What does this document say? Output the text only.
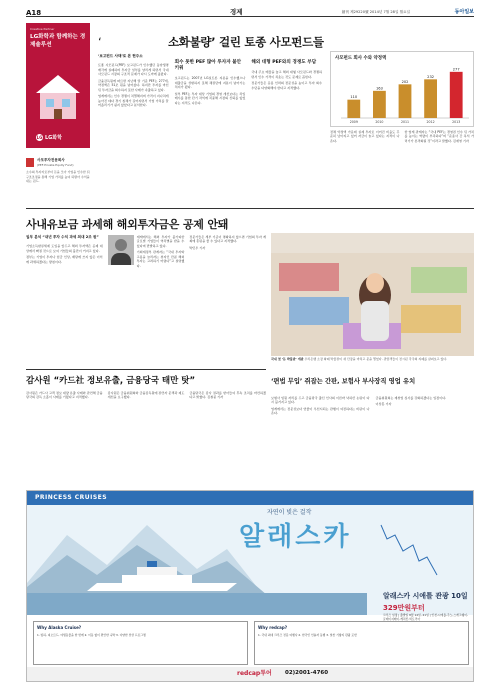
A18	경제	創刊 제29220號 2014년 7월 28일 월요일	동아일보
Creative Partner
LG화학과 함께하는 경제솔루션
LG LG화학
사모투자전문회사
(PEF·Private Equity Fund)
소수의 투자자로부터 돈을 모아 기업을 인수한 뒤 구조조정을 통해 기업 가치를 높여 되팔아 수익을 내는 펀드.
‘	소화불량’ 걸린 토종 사모펀드들

‘보고펀드 사태’로 본 현주소

토종 사모펀드(PEF) 보고펀드가 인수했던 동양생명 매각에 실패하며 투자금 일부를 날리게 되면서 국내 사모펀드 시장의 구조적 문제가 다시 도마에 올랐다.

금융감독원에 따르면 지난해 말 기준 PEF는 277개, 약정액은 51조 원을 넘어섰다. 하지만 투자를 마친 뒤 투자금을 회수하지 못한 사례가 속출하고 있다.

업계에서는 인수 경쟁이 치열해지며 가격이 지나치게 높아진 데다 경기 침체가 길어지면서 기업 가치를 끌어올리기가 쉽지 않았다고 분석한다.

회수 못한 PEF 많아 투자자 불안 키워

보고펀드는 2007년 LG실트론 지분을 인수했으나 대출금을 상환하지 못해 채권단에 지분이 넘어가는 처지가 됐다.

일부 PEF는 투자 대상 기업의 경영 개선보다는 차입 매수를 통한 단기 차익에 치중해 시장의 신뢰를 잃었다는 지적도 나온다.

해외 대형 PEF와의 경쟁도 부담

국내 주요 매물을 놓고 해외 대형 사모펀드와 경쟁하면서 인수 가격이 치솟는 것도 문제로 꼽힌다.

전문가들은 운용 인력의 전문성을 높이고 투자 회수 수단을 다양화해야 한다고 지적했다.

사모펀드 회사 수와 약정액
110
2009
163
2010
202
2011
232
2012
277
2013

전체 약정액 가운데 실제 투자로 이어진 비율도 꾸준히 낮아지고 있어 자금이 놀고 있다는 지적이 나온다.

한 업계 관계자는 “국내 PEF는 경영권 인수 뒤 가치를 높이는 역량이 부족하다”며 “운용사 간 옥석 가리기가 본격화될 것”이라고 말했다. 김재영 기자

사내유보금 과세해 해외투자금은 공제 안돼

일부 분석 “내년 투자 수익 과세 최대 2조 원”

기업소득환류세제 도입을 앞두고 해외 투자액은 공제 대상에서 빠질 것으로 보여 기업들의 불만이 커지고 있다.

정부는 기업이 투자나 임금 인상, 배당에 쓰지 않은 이익에 과세하겠다는 방침이다.

재계에서는 해외 투자가 불가피한 글로벌 기업들이 역차별을 받을 수 있다며 반발하고 있다.

기획재정부 관계자는 “국내 투자와 고용을 늘리자는 취지인 만큼 해외 투자는 고려하기 어렵다”고 설명했다.

전문가들은 세부 기준이 명확하지 않으면 기업의 투자 계획에 혼란을 줄 수 있다고 지적했다.

박민우 기자

국내 첫 ‘돈 박물관’ 개관 우리은행 소장 화폐 박물관이 새 단장을 마치고 문을 열었다. 관람객들이 전시된 각국의 지폐를 살펴보고 있다.
감사원 “카드社 정보유출, 금융당국 태만 탓”

감사원은 카드사 고객 정보 대량 유출 사태와 관련해 금융당국의 감독 소홀이 사태를 키웠다고 지적했다.

감사원은 금융위원회와 금융감독원에 관련자 문책과 제도 개선을 요구했다.

금융당국은 감사 결과를 받아들여 후속 조치를 마련하겠다고 밝혔다. 김철중 기자

‘편법 무입’ 쥐잡는 간판, 보험사 부사장직 영업 유치

보험사 임원 자리를 두고 금융당국 출신 인사의 이른바 낙하산 논란이 다시 불거지고 있다.

업계에서는 전문성보다 연줄이 우선시되는 관행이 여전하다는 비판이 나온다.

금융위원회는 재취업 심사를 강화하겠다는 입장이다.

이상훈 기자

PRINCESS CRUISES
자연이 빚은 걸작
알래스카
알래스카 시애틀 관광 10일
329만원부터
크루즈 일정 | 출발일 8월 14일, 21일 | 인천-시애틀-주노-스캐그웨이-글레이셔베이-케치칸-빅토리아
Why Alaska Cruise?
1. 빙하, 피오르드, 야생동물을 한 번에 2. 이동 없이 편안한 숙박 3. 다양한 선상 프로그램
Why redcap?
1. 국내 최대 크루즈 전문 여행사 2. 한국인 인솔자 동행 3. 알찬 기항지 관광 포함
redcap투어 02)2001-4760
